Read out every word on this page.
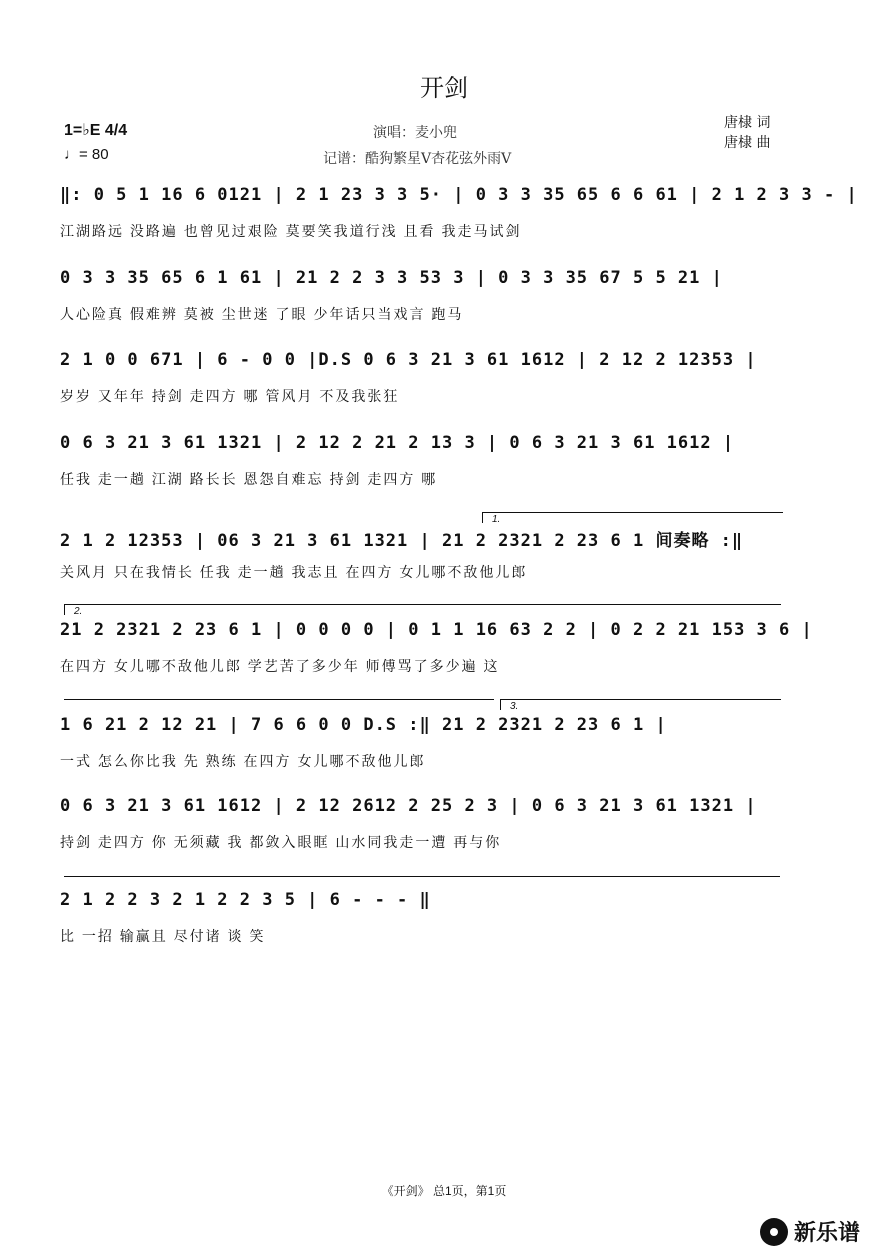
开剑
1=♭E 4/4
♩= 80
演唱：麦小兜
记谱：酷狗繁星V杏花弦外雨V
唐棣 词
唐棣 曲
‖: 0 5 1 16 6 0121 | 2 1 23 3 3 5· | 0 3 3 35 65 6 6 61 | 2 1 2 3 3 - |
江湖路远 没路遍 也曾见过艰险 莫要笑我道行浅 且看 我走马试剑
0 3 3 35 65 6 1 61 | 21 2 2 3 3 53 3 | 0 3 3 35 67 5 5 21 |
人心险真 假难辨 莫被 尘世迷 了眼 少年话只当戏言 跑马
2 1 0 0 671 | 6 - 0 0 |D.S 0 6 3 21 3 61 1612 | 2 12 2 12353 |
岁岁 又年年 持剑 走四方 哪 管风月 不及我张狂
0 6 3 21 3 61 1321 | 2 12 2 21 2 13 3 | 0 6 3 21 3 61 1612 |
任我 走一趟 江湖 路长长 恩怨自难忘 持剑 走四方 哪
1.
2 1 2 12353 | 06 3 21 3 61 1321 | 21 2 2321 2 23 6 1 间奏略 :‖
关风月 只在我情长 任我 走一趟 我志且 在四方 女儿哪不敌他儿郎
2.
21 2 2321 2 23 6 1 | 0 0 0 0 | 0 1 1 16 63 2 2 | 0 2 2 21 153 3 6 |
在四方 女儿哪不敌他儿郎 学艺苦了多少年 师傅骂了多少遍 这
3.
1 6 21 2 12 21 | 7 6 6 0 0 D.S :‖ 21 2 2321 2 23 6 1 |
一式 怎么你比我 先 熟练 在四方 女儿哪不敌他儿郎
0 6 3 21 3 61 1612 | 2 12 2612 2 25 2 3 | 0 6 3 21 3 61 1321 |
持剑 走四方 你 无须藏 我 都敛入眼眶 山水同我走一遭 再与你
2 1 2 2 3 2 1 2 2 3 5 | 6 - - - ‖
比 一招 输赢且 尽付诸 谈 笑
《开剑》 总1页，第1页
新乐谱
